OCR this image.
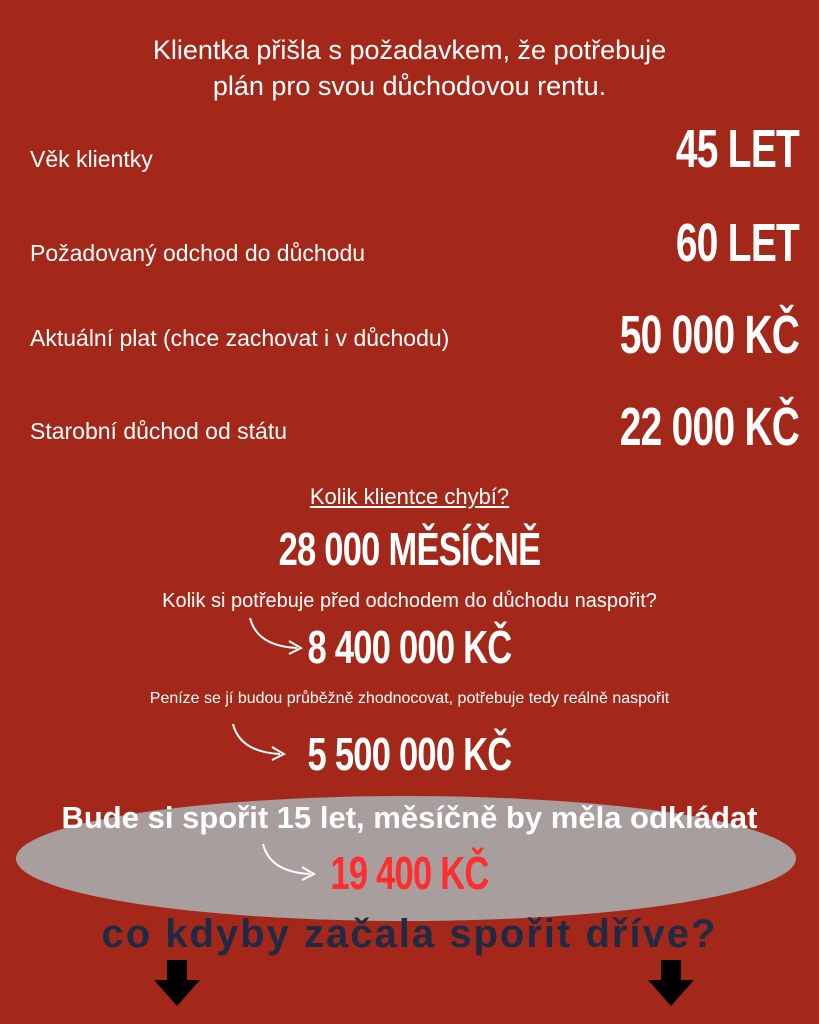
Klientka přišla s požadavkem, že potřebuje
plán pro svou důchodovou rentu.
Věk klientky	45 LET
Požadovaný odchod do důchodu	60 LET
Aktuální plat (chce zachovat i v důchodu)	50 000 KČ
Starobní důchod od státu	22 000 KČ
Kolik klientce chybí?
28 000 MĚSÍČNĚ
Kolik si potřebuje před odchodem do důchodu naspořit?
8 400 000 KČ
Peníze se jí budou průběžně zhodnocovat, potřebuje tedy reálně naspořit
5 500 000 KČ
Bude si spořit 15 let, měsíčně by měla odkládat
19 400 KČ
co kdyby začala spořit dříve?
